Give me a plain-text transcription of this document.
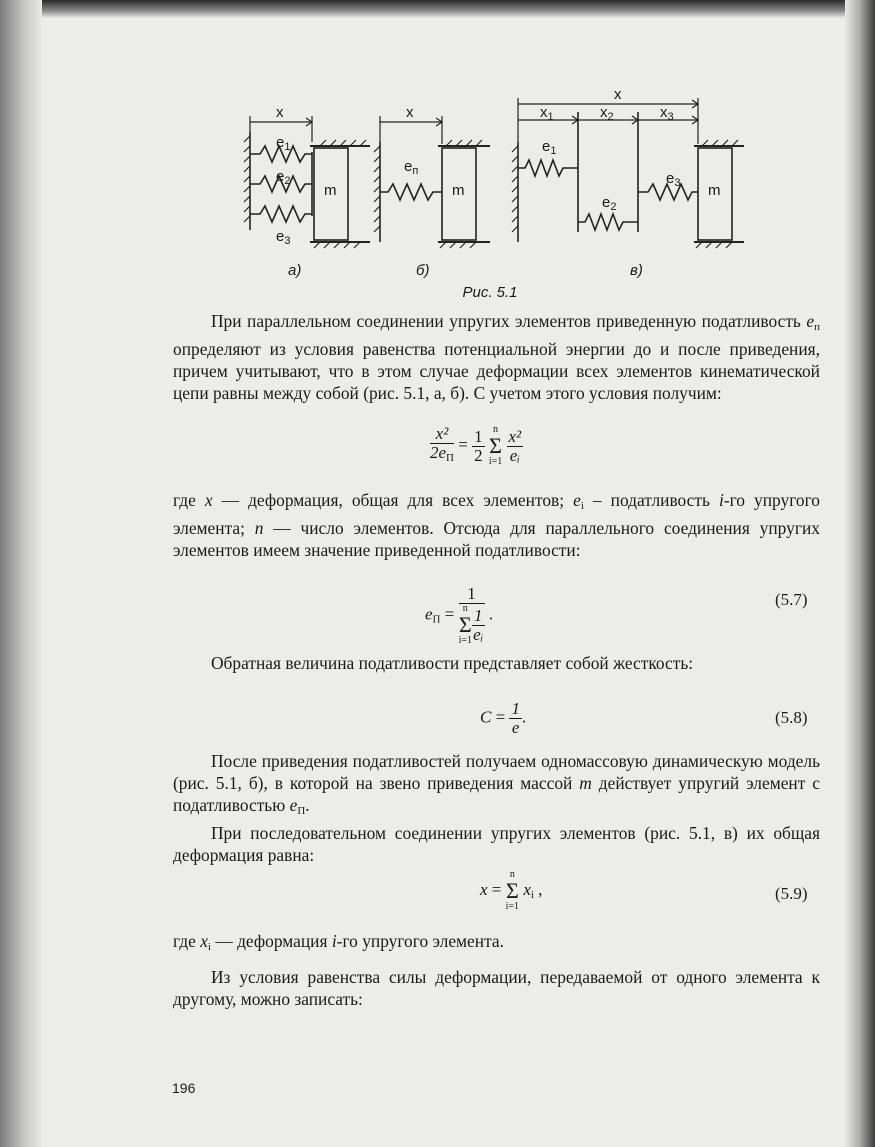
x	x
x
$x_1$	$x_2$	$x_3$
$e_1$
$e_2$
$e_3$
$e_п$
$e_1$
$e_2$
$e_3$
m	m	m
а)	б)	в)
Рис. 5.1

При параллельном соединении упругих элементов приведенную податливость $e_п$ определяют из условия равенства потенциальной энергии до и после приведения, причем учитывают, что в этом случае деформации всех элементов кинематической цепи равны между собой (рис. 5.1, а, б). С учетом этого условия получим:

$\frac{\text{x²}}{2e_П} = \frac{1}{2}$
n
Σ
i=1
$\frac{\text{x²}}{\text{eᵢ}}$

где x — деформация, общая для всех элементов; $e_i$ – податливость i-го упругого элемента; n — число элементов. Отсюда для параллельного соединения упругих элементов имеем значение приведенной податливости:

$e_П = 1$
n
Σ
$i=1 \frac{1}{\text{eᵢ}}$ .
(5.7)

Обратная величина податливости представляет собой жесткость:

$C = \frac{1}{e}$ .	(5.8)

После приведения податливостей получаем одномассовую динамическую модель (рис. 5.1, б), в которой на звено приведения массой m действует упругий элемент с податливостью $e_П$.

При последовательном соединении упругих элементов (рис. 5.1, в) их общая деформация равна:

x =
n
Σ
i=1
$x_i$ ,	(5.9)

где $x_i$ — деформация i-го упругого элемента.

Из условия равенства силы деформации, передаваемой от одного элемента к другому, можно записать:

196
